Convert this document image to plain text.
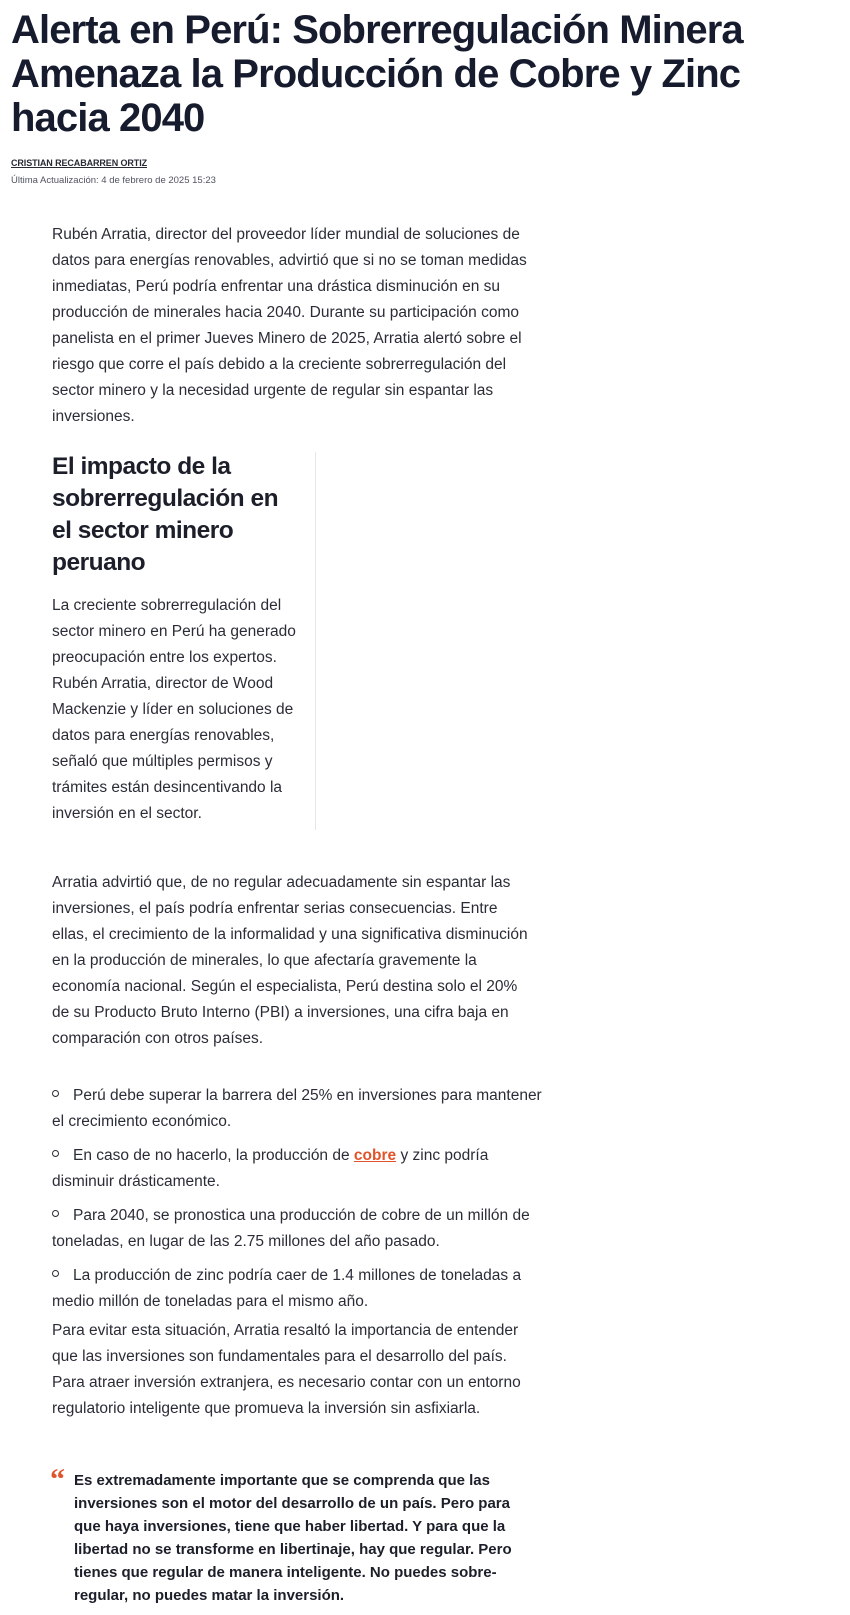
Alerta en Perú: Sobrerregulación Minera Amenaza la Producción de Cobre y Zinc hacia 2040
CRISTIAN RECABARREN ORTIZ
Última Actualización: 4 de febrero de 2025 15:23

Rubén Arratia, director del proveedor líder mundial de soluciones de datos para energías renovables, advirtió que si no se toman medidas inmediatas, Perú podría enfrentar una drástica disminución en su producción de minerales hacia 2040. Durante su participación como panelista en el primer Jueves Minero de 2025, Arratia alertó sobre el riesgo que corre el país debido a la creciente sobrerregulación del sector minero y la necesidad urgente de regular sin espantar las inversiones.

El impacto de la sobrerregulación en el sector minero peruano

La creciente sobrerregulación del sector minero en Perú ha generado preocupación entre los expertos. Rubén Arratia, director de Wood Mackenzie y líder en soluciones de datos para energías renovables, señaló que múltiples permisos y trámites están desincentivando la inversión en el sector.

Arratia advirtió que, de no regular adecuadamente sin espantar las inversiones, el país podría enfrentar serias consecuencias. Entre ellas, el crecimiento de la informalidad y una significativa disminución en la producción de minerales, lo que afectaría gravemente la economía nacional. Según el especialista, Perú destina solo el 20% de su Producto Bruto Interno (PBI) a inversiones, una cifra baja en comparación con otros países.

Perú debe superar la barrera del 25% en inversiones para mantener el crecimiento económico.
En caso de no hacerlo, la producción de cobre y zinc podría disminuir drásticamente.
Para 2040, se pronostica una producción de cobre de un millón de toneladas, en lugar de las 2.75 millones del año pasado.
La producción de zinc podría caer de 1.4 millones de toneladas a medio millón de toneladas para el mismo año.

Para evitar esta situación, Arratia resaltó la importancia de entender que las inversiones son fundamentales para el desarrollo del país. Para atraer inversión extranjera, es necesario contar con un entorno regulatorio inteligente que promueva la inversión sin asfixiarla.

“ Es extremadamente importante que se comprenda que las inversiones son el motor del desarrollo de un país. Pero para que haya inversiones, tiene que haber libertad. Y para que la libertad no se transforme en libertinaje, hay que regular. Pero tienes que regular de manera inteligente. No puedes sobre-regular, no puedes matar la inversión.
